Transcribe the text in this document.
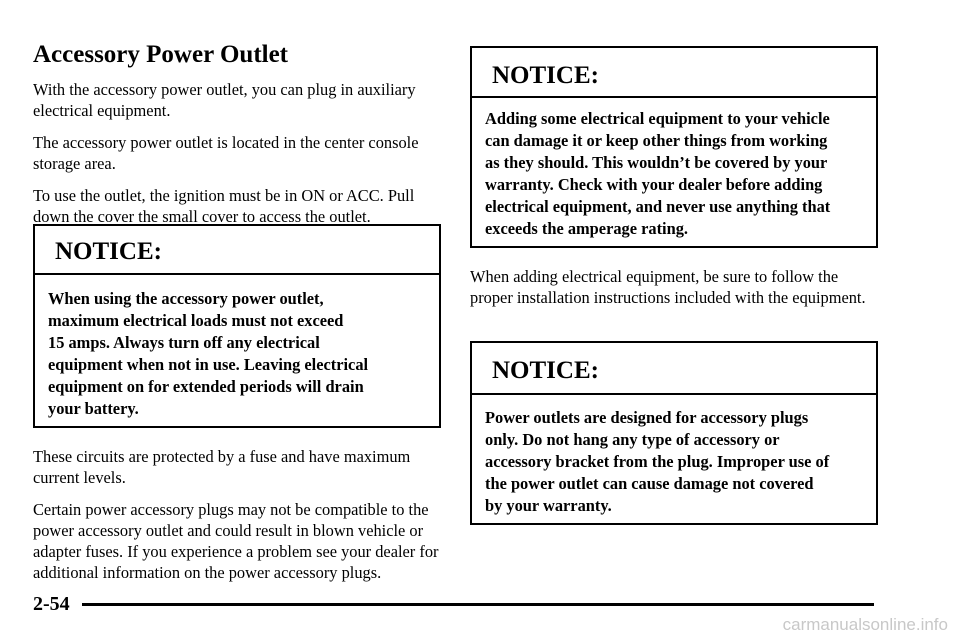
Accessory Power Outlet

With the accessory power outlet, you can plug in auxiliary electrical equipment.

The accessory power outlet is located in the center console storage area.

To use the outlet, the ignition must be in ON or ACC. Pull down the cover the small cover to access the outlet.

NOTICE:
When using the accessory power outlet,
maximum electrical loads must not exceed
15 amps. Always turn off any electrical
equipment when not in use. Leaving electrical
equipment on for extended periods will drain
your battery.

These circuits are protected by a fuse and have maximum current levels.

Certain power accessory plugs may not be compatible to the power accessory outlet and could result in blown vehicle or adapter fuses. If you experience a problem see your dealer for additional information on the power accessory plugs.

NOTICE:
Adding some electrical equipment to your vehicle
can damage it or keep other things from working
as they should. This wouldn’t be covered by your
warranty. Check with your dealer before adding
electrical equipment, and never use anything that
exceeds the amperage rating.

When adding electrical equipment, be sure to follow the proper installation instructions included with the equipment.

NOTICE:
Power outlets are designed for accessory plugs
only. Do not hang any type of accessory or
accessory bracket from the plug. Improper use of
the power outlet can cause damage not covered
by your warranty.
2-54
carmanualsonline.info
